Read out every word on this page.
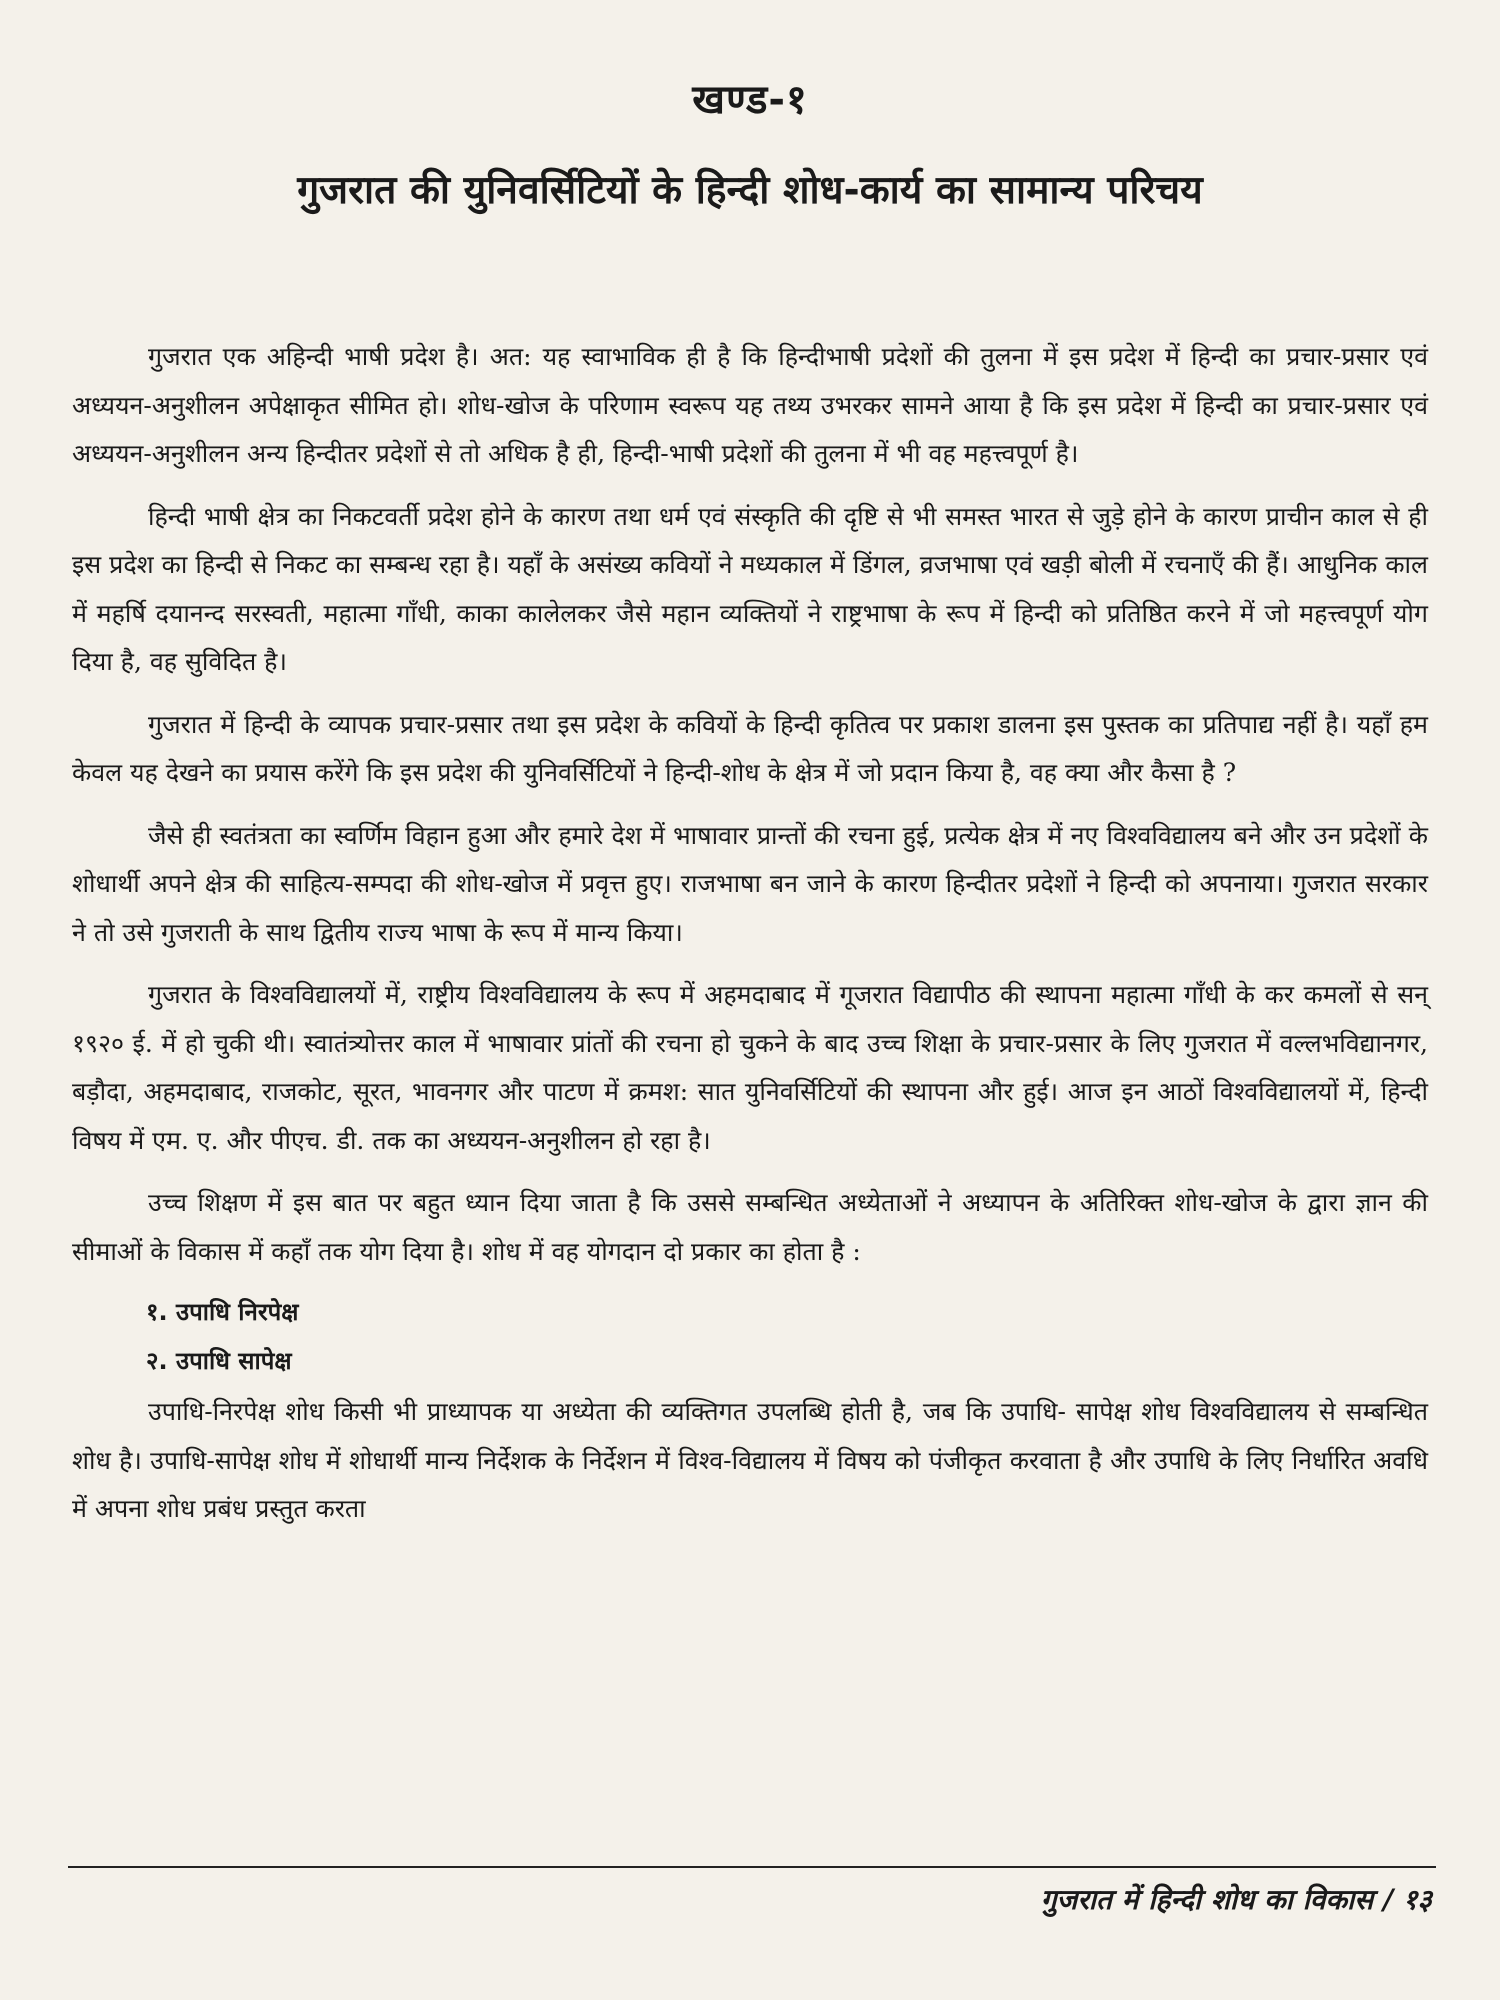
खण्ड-१
गुजरात की युनिवर्सिटियों के हिन्दी शोध-कार्य का सामान्य परिचय

गुजरात एक अहिन्दी भाषी प्रदेश है। अत: यह स्वाभाविक ही है कि हिन्दीभाषी प्रदेशों की तुलना में इस प्रदेश में हिन्दी का प्रचार-प्रसार एवं अध्ययन-अनुशीलन अपेक्षाकृत सीमित हो। शोध-खोज के परिणाम स्वरूप यह तथ्य उभरकर सामने आया है कि इस प्रदेश में हिन्दी का प्रचार-प्रसार एवं अध्ययन-अनुशीलन अन्य हिन्दीतर प्रदेशों से तो अधिक है ही, हिन्दी-भाषी प्रदेशों की तुलना में भी वह महत्त्वपूर्ण है।

हिन्दी भाषी क्षेत्र का निकटवर्ती प्रदेश होने के कारण तथा धर्म एवं संस्कृति की दृष्टि से भी समस्त भारत से जुड़े होने के कारण प्राचीन काल से ही इस प्रदेश का हिन्दी से निकट का सम्बन्ध रहा है। यहाँ के असंख्य कवियों ने मध्यकाल में डिंगल, व्रजभाषा एवं खड़ी बोली में रचनाएँ की हैं। आधुनिक काल में महर्षि दयानन्द सरस्वती, महात्मा गाँधी, काका कालेलकर जैसे महान व्यक्तियों ने राष्ट्रभाषा के रूप में हिन्दी को प्रतिष्ठित करने में जो महत्त्वपूर्ण योग दिया है, वह सुविदित है।

गुजरात में हिन्दी के व्यापक प्रचार-प्रसार तथा इस प्रदेश के कवियों के हिन्दी कृतित्व पर प्रकाश डालना इस पुस्तक का प्रतिपाद्य नहीं है। यहाँ हम केवल यह देखने का प्रयास करेंगे कि इस प्रदेश की युनिवर्सिटियों ने हिन्दी-शोध के क्षेत्र में जो प्रदान किया है, वह क्या और कैसा है ?

जैसे ही स्वतंत्रता का स्वर्णिम विहान हुआ और हमारे देश में भाषावार प्रान्तों की रचना हुई, प्रत्येक क्षेत्र में नए विश्वविद्यालय बने और उन प्रदेशों के शोधार्थी अपने क्षेत्र की साहित्य-सम्पदा की शोध-खोज में प्रवृत्त हुए। राजभाषा बन जाने के कारण हिन्दीतर प्रदेशों ने हिन्दी को अपनाया। गुजरात सरकार ने तो उसे गुजराती के साथ द्वितीय राज्य भाषा के रूप में मान्य किया।

गुजरात के विश्वविद्यालयों में, राष्ट्रीय विश्वविद्यालय के रूप में अहमदाबाद में गूजरात विद्यापीठ की स्थापना महात्मा गाँधी के कर कमलों से सन् १९२० ई. में हो चुकी थी। स्वातंत्र्योत्तर काल में भाषावार प्रांतों की रचना हो चुकने के बाद उच्च शिक्षा के प्रचार-प्रसार के लिए गुजरात में वल्लभविद्यानगर, बड़ौदा, अहमदाबाद, राजकोट, सूरत, भावनगर और पाटण में क्रमश: सात युनिवर्सिटियों की स्थापना और हुई। आज इन आठों विश्वविद्यालयों में, हिन्दी विषय में एम. ए. और पीएच. डी. तक का अध्ययन-अनुशीलन हो रहा है।

उच्च शिक्षण में इस बात पर बहुत ध्यान दिया जाता है कि उससे सम्बन्धित अध्येताओं ने अध्यापन के अतिरिक्त शोध-खोज के द्वारा ज्ञान की सीमाओं के विकास में कहाँ तक योग दिया है। शोध में वह योगदान दो प्रकार का होता है :

१. उपाधि निरपेक्ष

२. उपाधि सापेक्ष

उपाधि-निरपेक्ष शोध किसी भी प्राध्यापक या अध्येता की व्यक्तिगत उपलब्धि होती है, जब कि उपाधि- सापेक्ष शोध विश्वविद्यालय से सम्बन्धित शोध है। उपाधि-सापेक्ष शोध में शोधार्थी मान्य निर्देशक के निर्देशन में विश्व-विद्यालय में विषय को पंजीकृत करवाता है और उपाधि के लिए निर्धारित अवधि में अपना शोध प्रबंध प्रस्तुत करता

गुजरात में हिन्दी शोध का विकास / १३
